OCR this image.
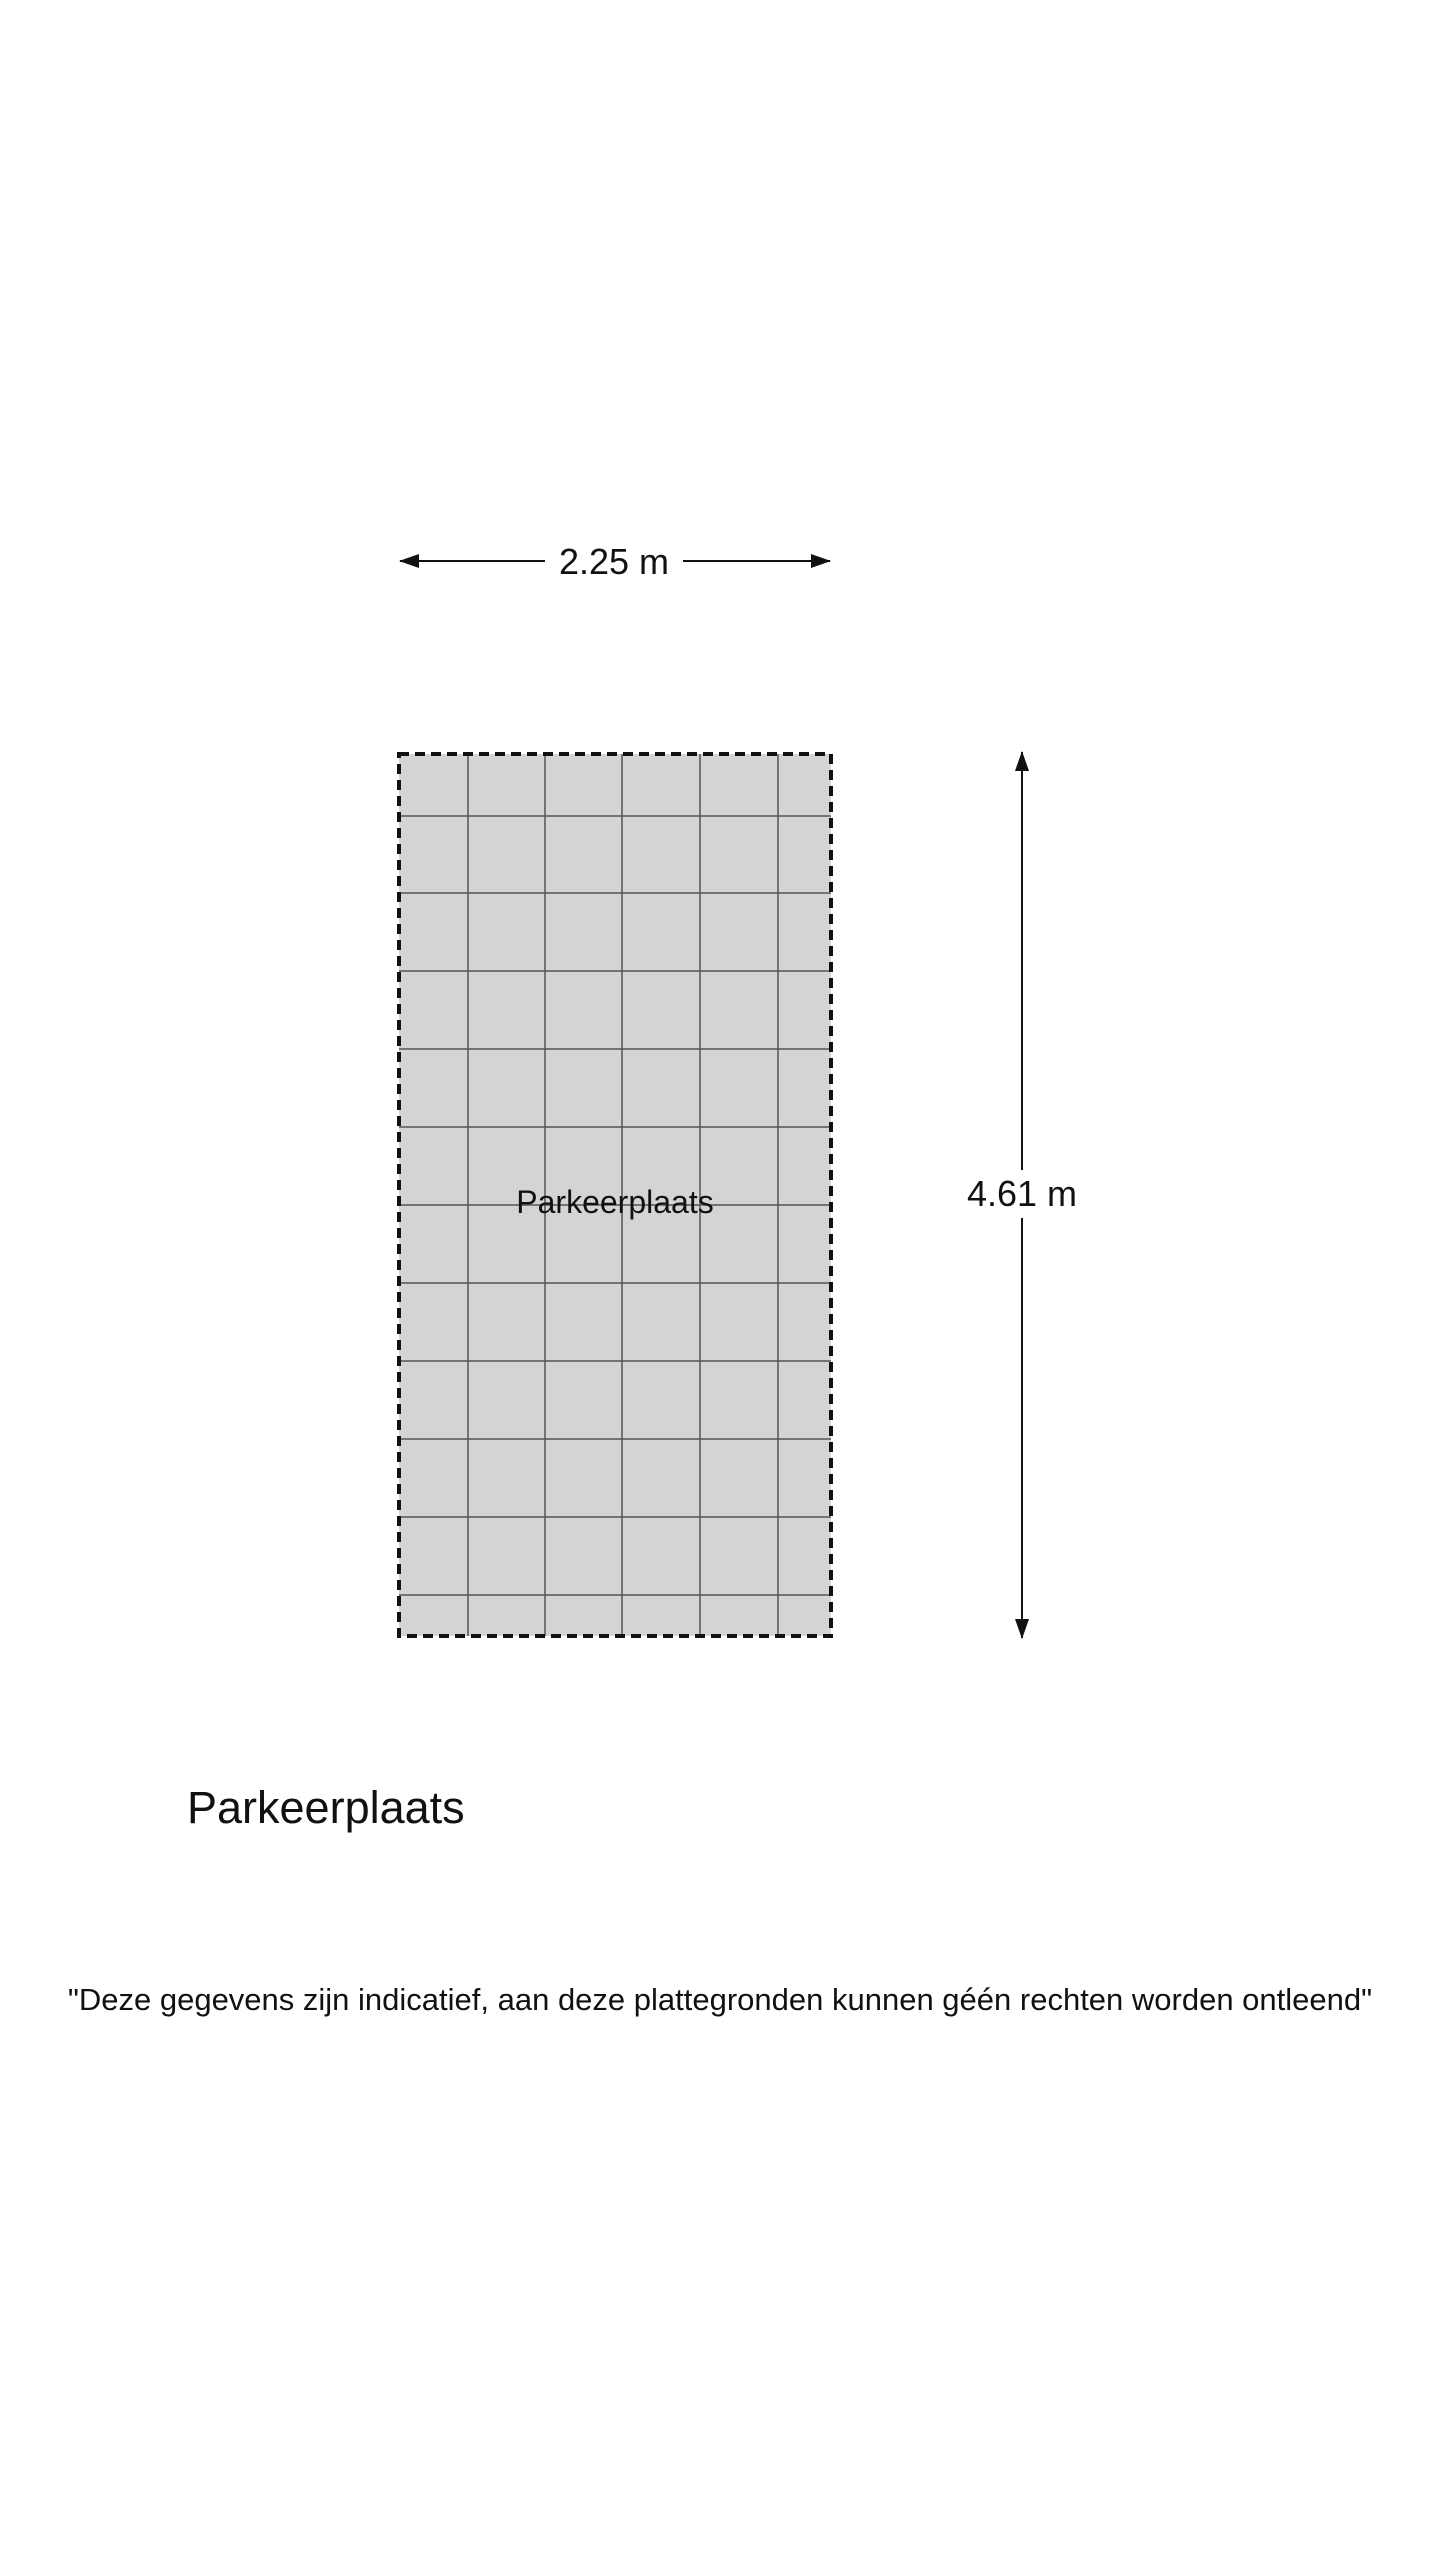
2.25 m
Parkeerplaats	4.61 m
Parkeerplaats
"Deze gegevens zijn indicatief, aan deze plattegronden kunnen géén rechten worden ontleend"
